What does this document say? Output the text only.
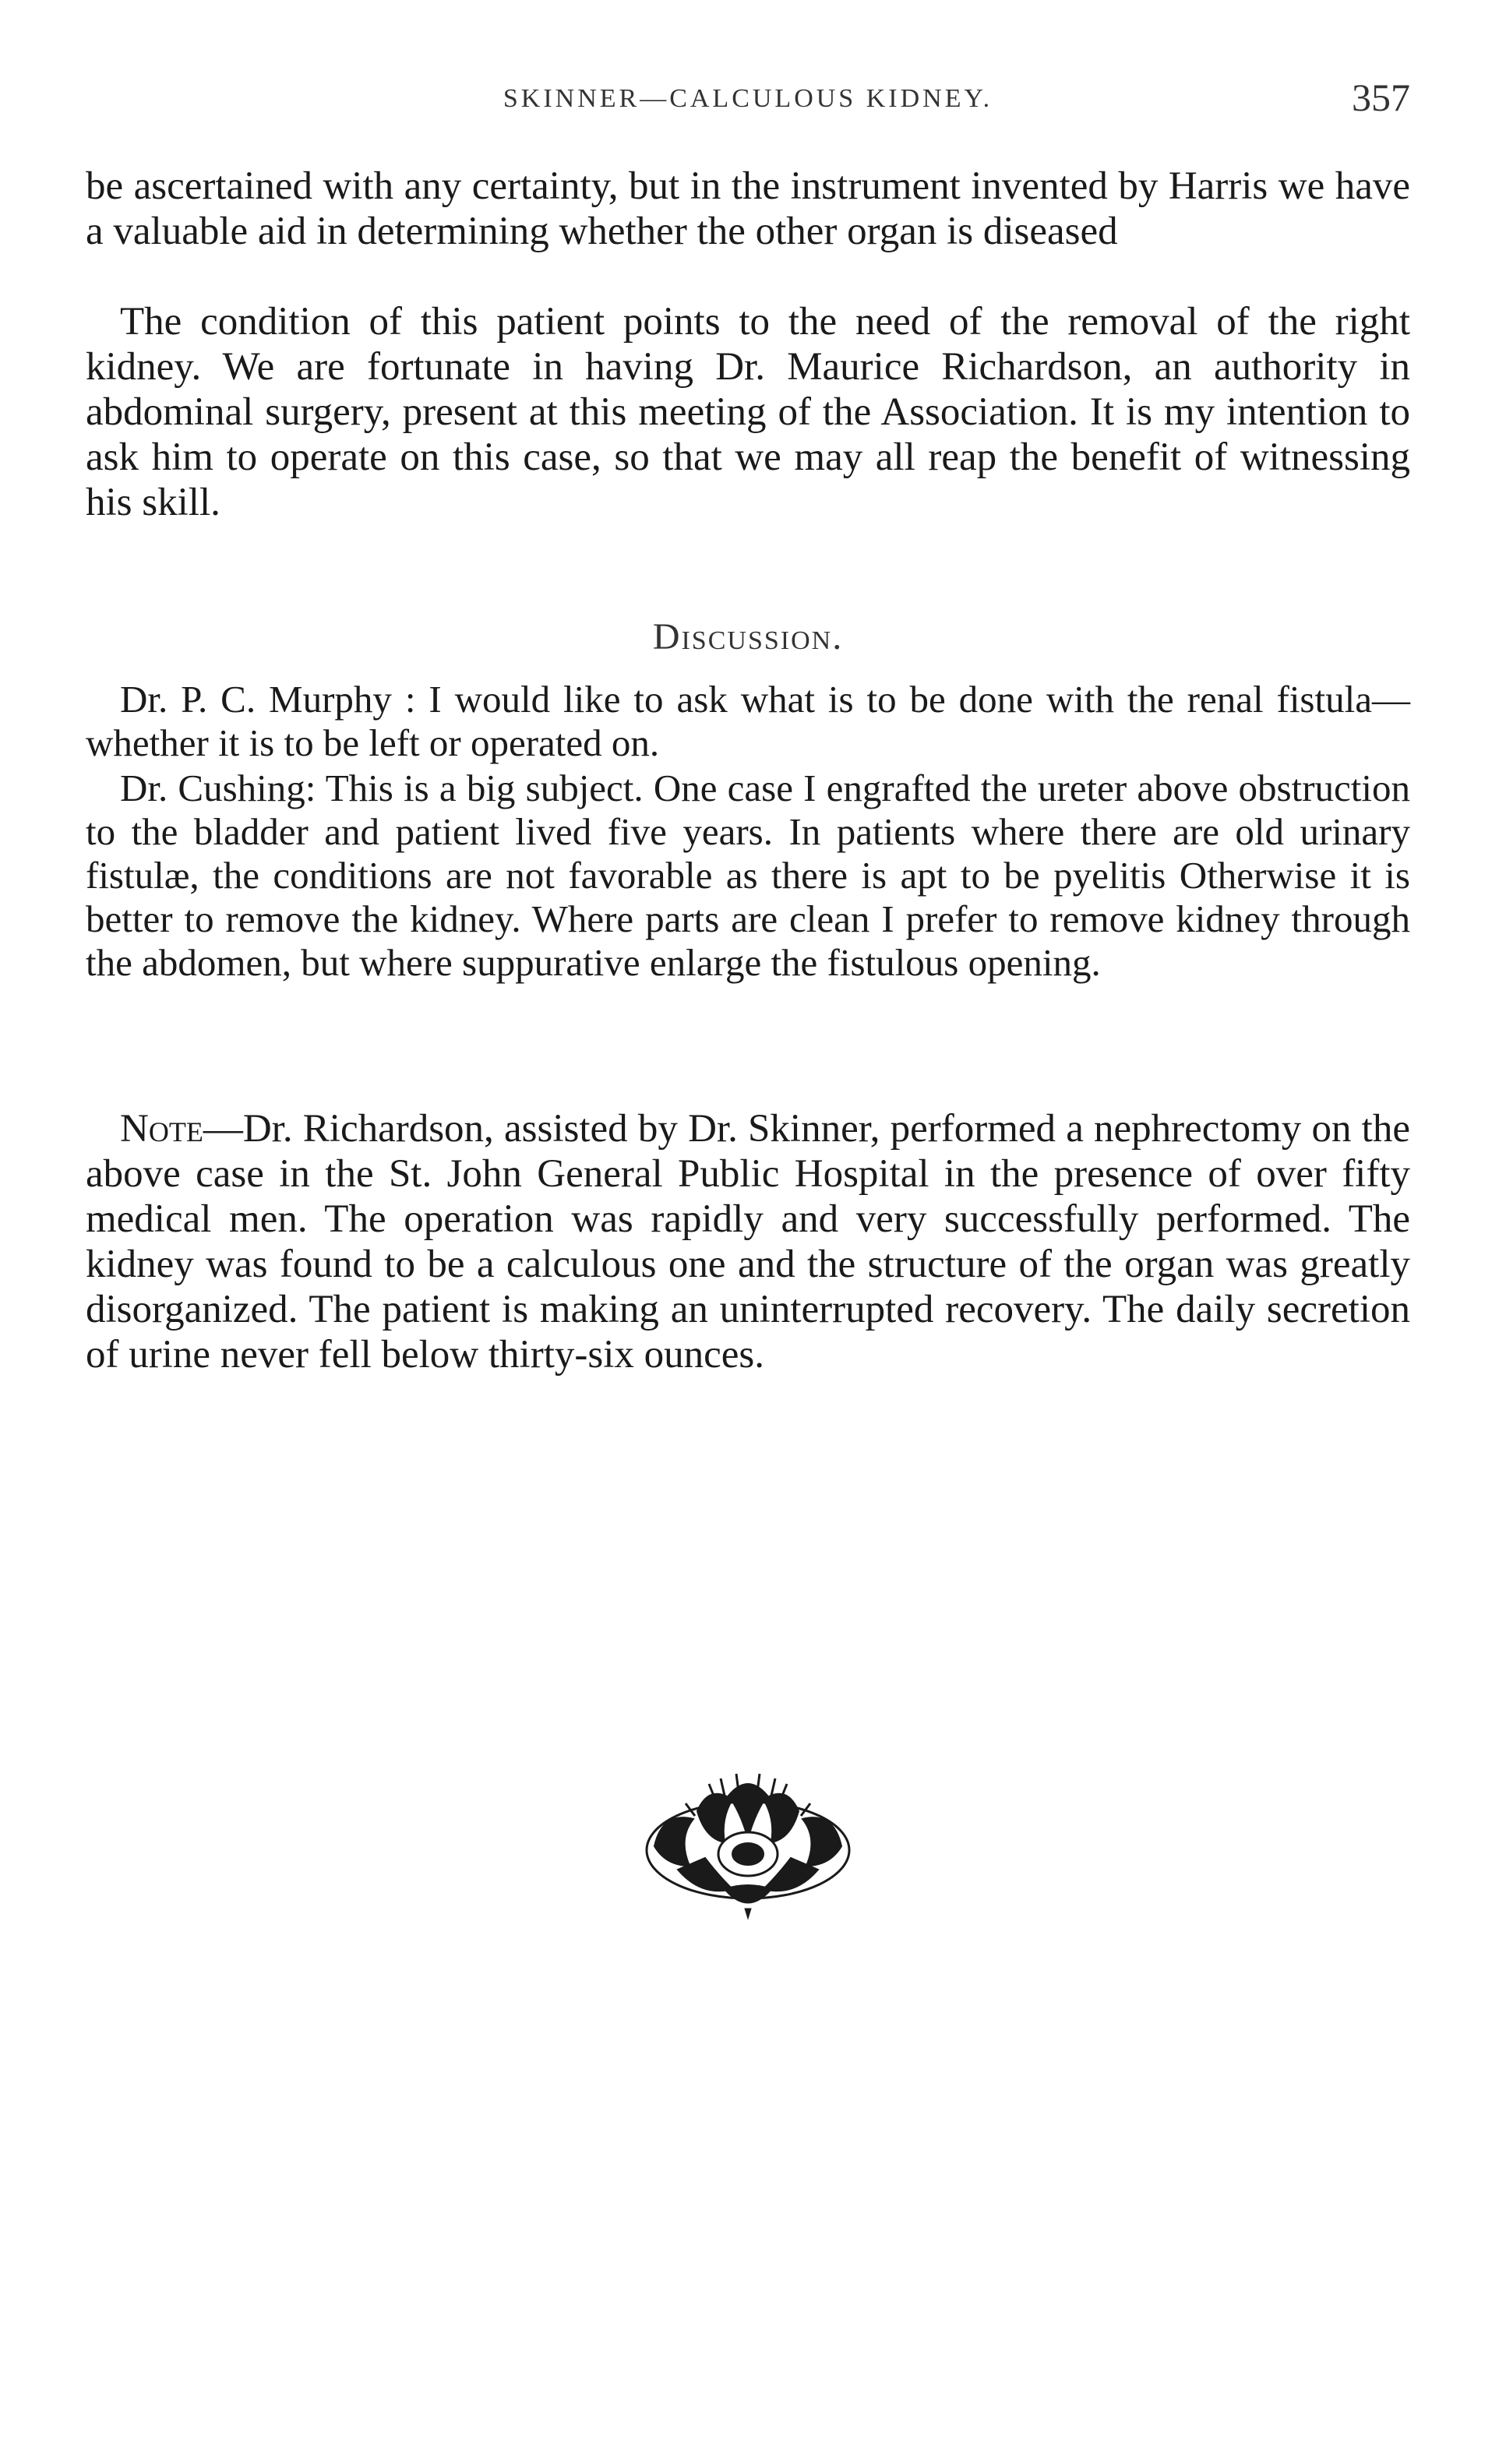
SKINNER—CALCULOUS KIDNEY.	357

be ascertained with any certainty, but in the instrument invented by Harris we have a valuable aid in determining whether the other organ is diseased

The condition of this patient points to the need of the removal of the right kidney. We are fortunate in having Dr. Maurice Richardson, an authority in abdominal surgery, present at this meeting of the Association. It is my intention to ask him to operate on this case, so that we may all reap the benefit of witnessing his skill.

Discussion.

Dr. P. C. Murphy : I would like to ask what is to be done with the renal fistula—whether it is to be left or operated on.

Dr. Cushing: This is a big subject. One case I engrafted the ureter above obstruction to the bladder and patient lived five years. In patients where there are old urinary fistulæ, the conditions are not favorable as there is apt to be pyelitis Otherwise it is better to remove the kidney. Where parts are clean I prefer to remove kidney through the abdomen, but where suppurative enlarge the fistulous opening.

Note—Dr. Richardson, assisted by Dr. Skinner, performed a nephrectomy on the above case in the St. John General Public Hospital in the presence of over fifty medical men. The operation was rapidly and very successfully performed. The kidney was found to be a calculous one and the structure of the organ was greatly disorganized. The patient is making an uninterrupted recovery. The daily secretion of urine never fell below thirty-six ounces.
